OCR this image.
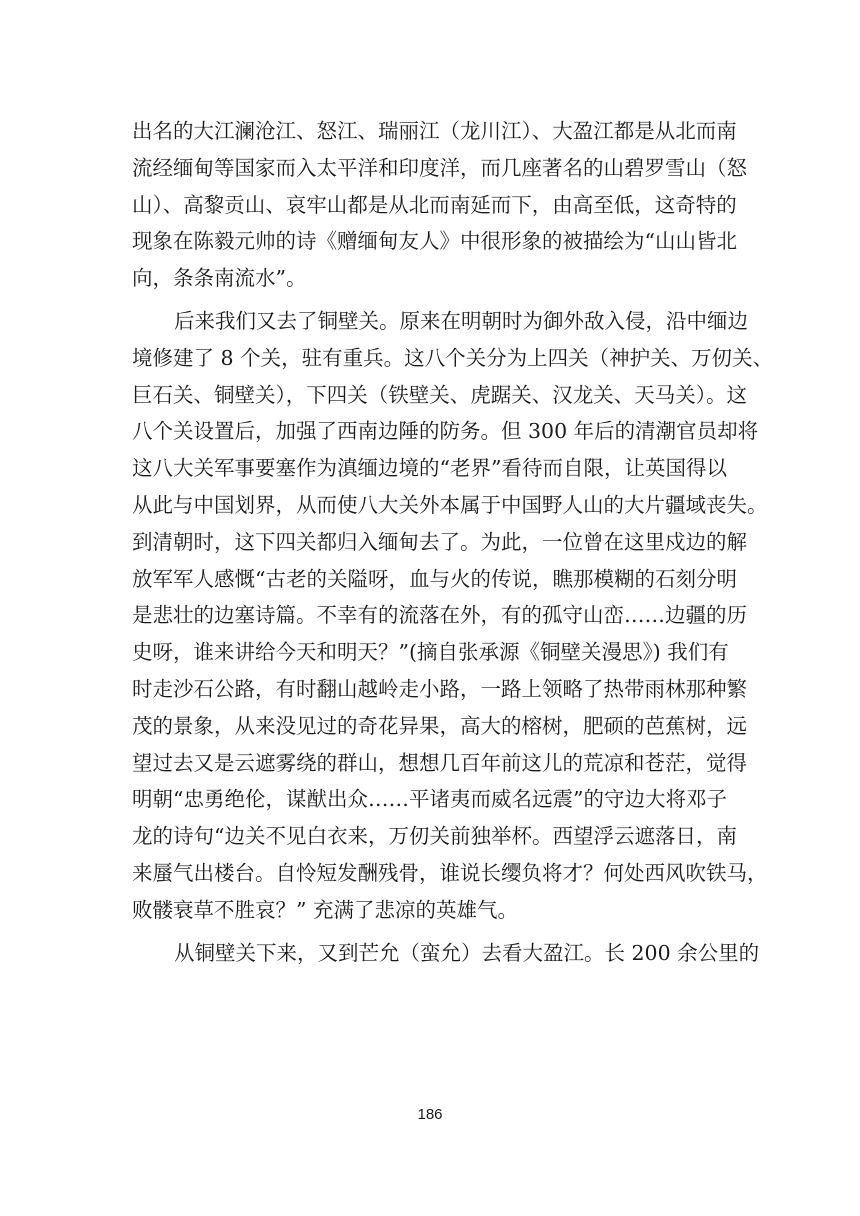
出名的大江澜沧江、怒江、瑞丽江（龙川江）、大盈江都是从北而南
流经缅甸等国家而入太平洋和印度洋，而几座著名的山碧罗雪山（怒
山）、高黎贡山、哀牢山都是从北而南延而下，由高至低，这奇特的
现象在陈毅元帅的诗《赠缅甸友人》中很形象的被描绘为“山山皆北
向，条条南流水”。
后来我们又去了铜壁关。原来在明朝时为御外敌入侵，沿中缅边
境修建了 8 个关，驻有重兵。这八个关分为上四关（神护关、万仞关、
巨石关、铜壁关），下四关（铁壁关、虎踞关、汉龙关、天马关）。这
八个关设置后，加强了西南边陲的防务。但 300 年后的清潮官员却将
这八大关军事要塞作为滇缅边境的“老界”看待而自限，让英国得以
从此与中国划界，从而使八大关外本属于中国野人山的大片疆域丧失。
到清朝时，这下四关都归入缅甸去了。为此，一位曾在这里戍边的解
放军军人感慨“古老的关隘呀，血与火的传说，瞧那模糊的石刻分明
是悲壮的边塞诗篇。不幸有的流落在外，有的孤守山峦……边疆的历
史呀，谁来讲给今天和明天？”(摘自张承源《铜壁关漫思》) 我们有
时走沙石公路，有时翻山越岭走小路，一路上领略了热带雨林那种繁
茂的景象，从来没见过的奇花异果，高大的榕树，肥硕的芭蕉树，远
望过去又是云遮雾绕的群山，想想几百年前这儿的荒凉和苍茫，觉得
明朝“忠勇绝伦，谋猷出众……平诸夷而威名远震”的守边大将邓子
龙的诗句“边关不见白衣来，万仞关前独举杯。西望浮云遮落日，南
来蜃气出楼台。自怜短发酬残骨，谁说长缨负将才？何处西风吹铁马，
败髅衰草不胜哀？” 充满了悲凉的英雄气。
从铜壁关下来，又到芒允（蛮允）去看大盈江。长 200 余公里的
186
